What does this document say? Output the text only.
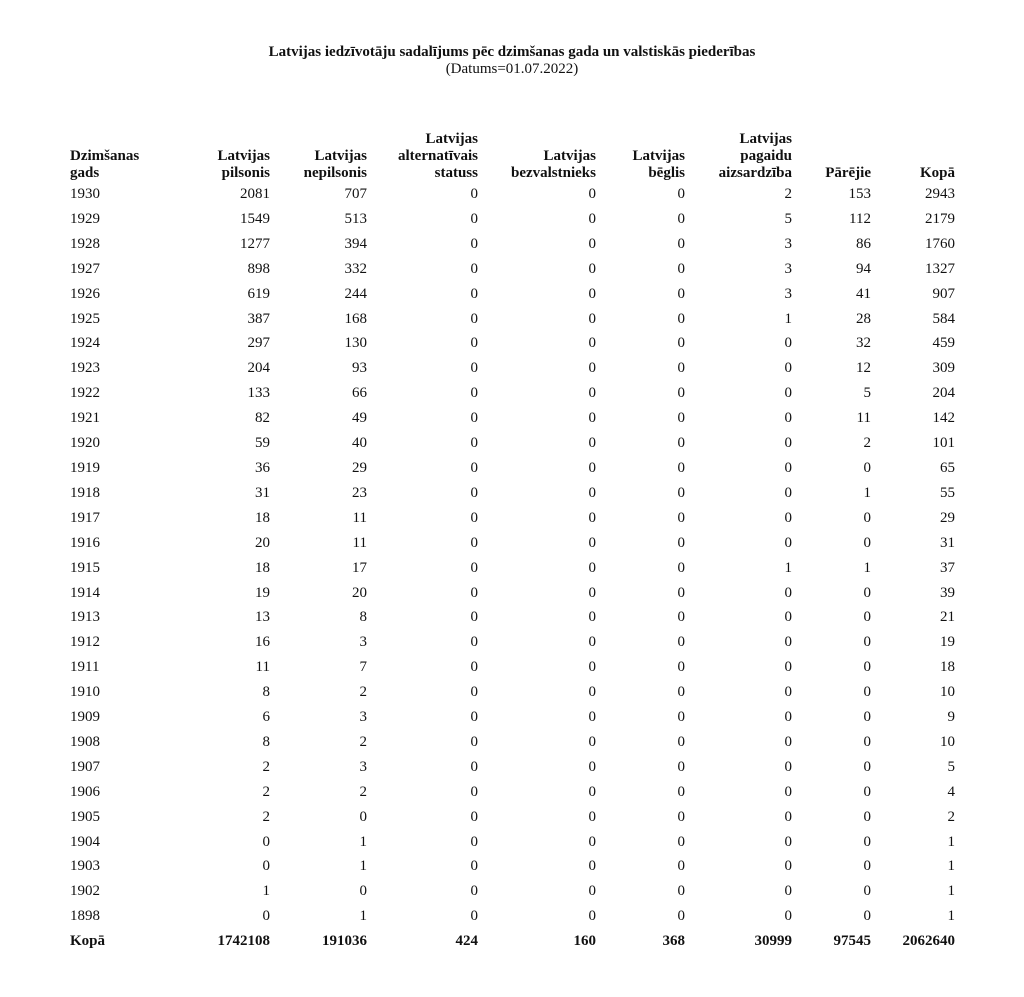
Latvijas iedzīvotāju sadalījums pēc dzimšanas gada un valstiskās piederības
(Datums=01.07.2022)
Dzimšanas
gads	Latvijas
pilsonis	Latvijas
nepilsonis	Latvijas
alternatīvais
statuss	Latvijas
bezvalstnieks	Latvijas
bēglis	Latvijas
pagaidu
aizsardzība	Pārējie	Kopā

1930	2081	707	0	0	0	2	153	2943
1929	1549	513	0	0	0	5	112	2179
1928	1277	394	0	0	0	3	86	1760
1927	898	332	0	0	0	3	94	1327
1926	619	244	0	0	0	3	41	907
1925	387	168	0	0	0	1	28	584
1924	297	130	0	0	0	0	32	459
1923	204	93	0	0	0	0	12	309
1922	133	66	0	0	0	0	5	204
1921	82	49	0	0	0	0	11	142
1920	59	40	0	0	0	0	2	101
1919	36	29	0	0	0	0	0	65
1918	31	23	0	0	0	0	1	55
1917	18	11	0	0	0	0	0	29
1916	20	11	0	0	0	0	0	31
1915	18	17	0	0	0	1	1	37
1914	19	20	0	0	0	0	0	39
1913	13	8	0	0	0	0	0	21
1912	16	3	0	0	0	0	0	19
1911	11	7	0	0	0	0	0	18
1910	8	2	0	0	0	0	0	10
1909	6	3	0	0	0	0	0	9
1908	8	2	0	0	0	0	0	10
1907	2	3	0	0	0	0	0	5
1906	2	2	0	0	0	0	0	4
1905	2	0	0	0	0	0	0	2
1904	0	1	0	0	0	0	0	1
1903	0	1	0	0	0	0	0	1
1902	1	0	0	0	0	0	0	1
1898	0	1	0	0	0	0	0	1
Kopā	1742108	191036	424	160	368	30999	97545	2062640
